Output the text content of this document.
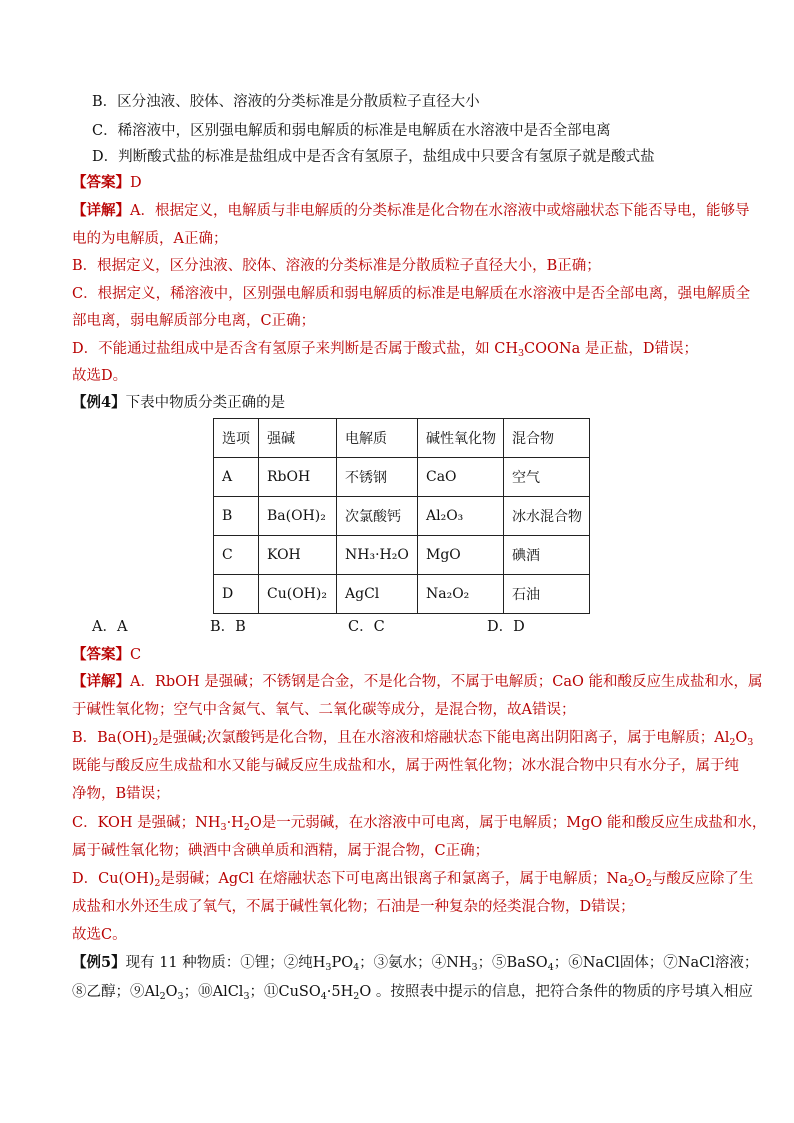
B．区分浊液、胶体、溶液的分类标准是分散质粒子直径大小
C．稀溶液中，区别强电解质和弱电解质的标准是电解质在水溶液中是否全部电离
D．判断酸式盐的标准是盐组成中是否含有氢原子，盐组成中只要含有氢原子就是酸式盐
【答案】D
【详解】A．根据定义，电解质与非电解质的分类标准是化合物在水溶液中或熔融状态下能否导电，能够导
电的为电解质，A正确；
B．根据定义，区分浊液、胶体、溶液的分类标准是分散质粒子直径大小，B正确；
C．根据定义，稀溶液中，区别强电解质和弱电解质的标准是电解质在水溶液中是否全部电离，强电解质全
部电离，弱电解质部分电离，C正确；
D．不能通过盐组成中是否含有氢原子来判断是否属于酸式盐，如 $CH_3COONa$ 是正盐，D错误；
故选D。
【例4】下表中物质分类正确的是
选项	强碱	电解质	碱性氧化物	混合物
A	RbOH	不锈钢	CaO	空气
B	Ba(OH)₂	次氯酸钙	Al₂O₃	冰水混合物
C	KOH	NH₃·H₂O	MgO	碘酒
D	Cu(OH)₂	AgCl	Na₂O₂	石油
A．A	B．B	C．C	D．D
【答案】C
【详解】A．RbOH 是强碱；不锈钢是合金，不是化合物，不属于电解质；CaO 能和酸反应生成盐和水，属
于碱性氧化物；空气中含氮气、氧气、二氧化碳等成分，是混合物，故A错误；
B．$Ba(OH)_2$是强碱;次氯酸钙是化合物，且在水溶液和熔融状态下能电离出阴阳离子，属于电解质；$Al_2O_3$
既能与酸反应生成盐和水又能与碱反应生成盐和水，属于两性氧化物；冰水混合物中只有水分子，属于纯
净物，B错误；
C．KOH 是强碱；$NH_3\cdot H_2O$是一元弱碱，在水溶液中可电离，属于电解质；MgO 能和酸反应生成盐和水，
属于碱性氧化物；碘酒中含碘单质和酒精，属于混合物，C正确；
D．$Cu(OH)_2$是弱碱；AgCl 在熔融状态下可电离出银离子和氯离子，属于电解质；$Na_2O_2$与酸反应除了生
成盐和水外还生成了氧气，不属于碱性氧化物；石油是一种复杂的烃类混合物，D错误；
故选C。
【例5】现有 11 种物质：①锂；②纯$H_3PO_4$；③氨水；$④NH_3$；⑤BaSO$_4$；⑥NaCl固体；⑦NaCl溶液；
⑧乙醇；$⑨Al_2O_3$；⑩AlCl$_3$；$⑪CuSO_4\cdot 5H_2O$ 。按照表中提示的信息，把符合条件的物质的序号填入相应
